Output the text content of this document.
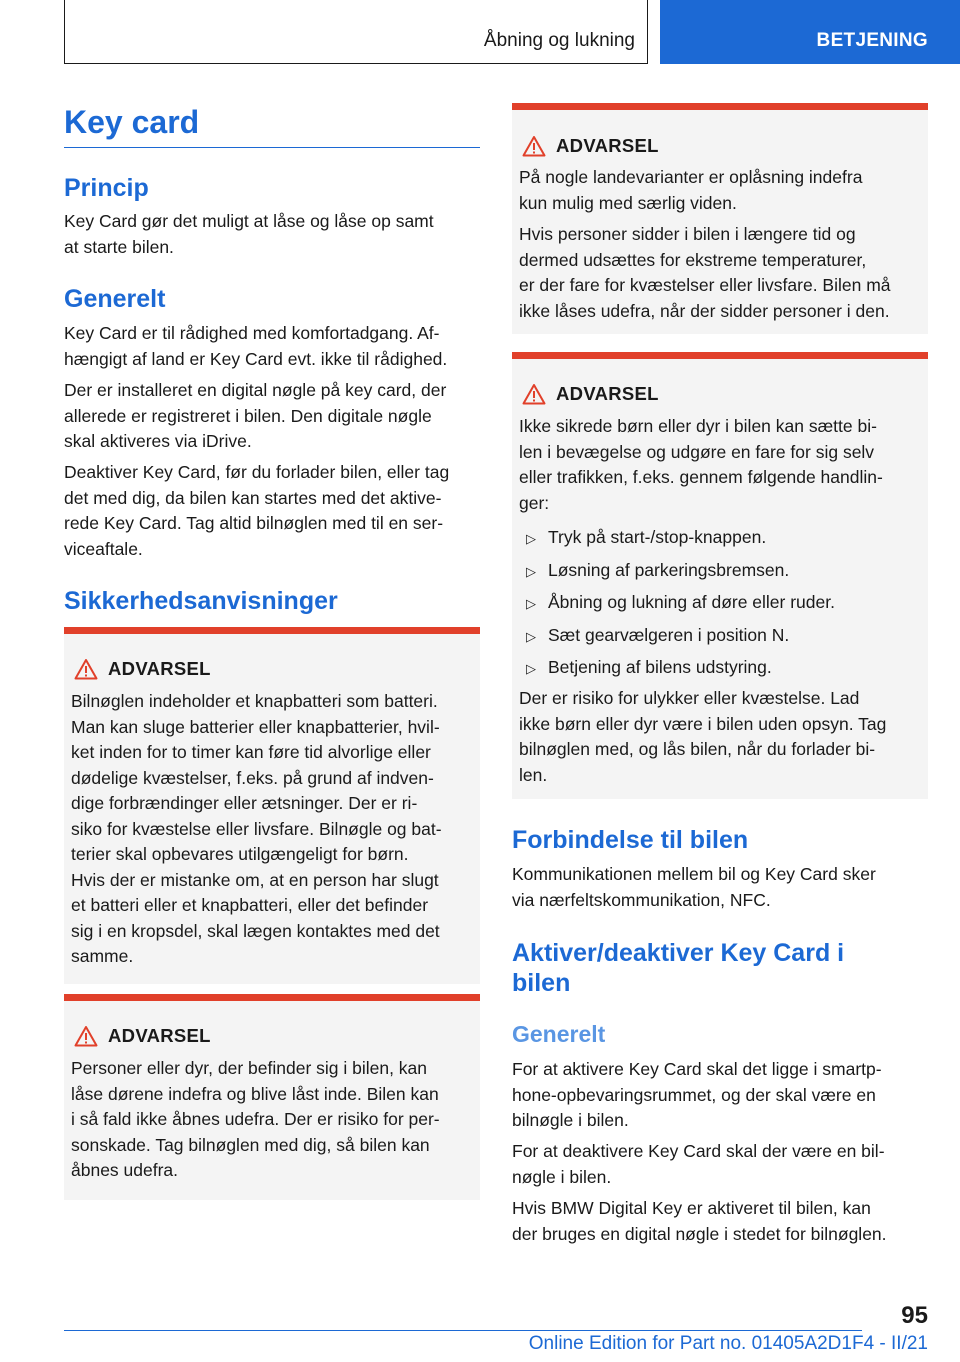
Åbning og lukning	BETJENING
Key card
Princip

Key Card gør det muligt at låse og låse op samt
at starte bilen.

Generelt

Key Card er til rådighed med komfortadgang. Af-
hængigt af land er Key Card evt. ikke til rådighed.

Der er installeret en digital nøgle på key card, der
allerede er registreret i bilen. Den digitale nøgle
skal aktiveres via iDrive.

Deaktiver Key Card, før du forlader bilen, eller tag
det med dig, da bilen kan startes med det aktive-
rede Key Card. Tag altid bilnøglen med til en ser-
viceaftale.

Sikkerhedsanvisninger
ADVARSEL

Bilnøglen indeholder et knapbatteri som batteri.
Man kan sluge batterier eller knapbatterier, hvil-
ket inden for to timer kan føre tid alvorlige eller
dødelige kvæstelser, f.eks. på grund af indven-
dige forbrændinger eller ætsninger. Der er ri-
siko for kvæstelse eller livsfare. Bilnøgle og bat-
terier skal opbevares utilgængeligt for børn.
Hvis der er mistanke om, at en person har slugt
et batteri eller et knapbatteri, eller det befinder
sig i en kropsdel, skal lægen kontaktes med det
samme.

ADVARSEL

Personer eller dyr, der befinder sig i bilen, kan
låse dørene indefra og blive låst inde. Bilen kan
i så fald ikke åbnes udefra. Der er risiko for per-
sonskade. Tag bilnøglen med dig, så bilen kan
åbnes udefra.

ADVARSEL

På nogle landevarianter er oplåsning indefra
kun mulig med særlig viden.

Hvis personer sidder i bilen i længere tid og
dermed udsættes for ekstreme temperaturer,
er der fare for kvæstelser eller livsfare. Bilen må
ikke låses udefra, når der sidder personer i den.

ADVARSEL

Ikke sikrede børn eller dyr i bilen kan sætte bi-
len i bevægelse og udgøre en fare for sig selv
eller trafikken, f.eks. gennem følgende handlin-
ger:

▷ Tryk på start-/stop-knappen.
▷ Løsning af parkeringsbremsen.
▷ Åbning og lukning af døre eller ruder.
▷ Sæt gearvælgeren i position N.
▷ Betjening af bilens udstyring.

Der er risiko for ulykker eller kvæstelse. Lad
ikke børn eller dyr være i bilen uden opsyn. Tag
bilnøglen med, og lås bilen, når du forlader bi-
len.

Forbindelse til bilen

Kommunikationen mellem bil og Key Card sker
via nærfeltskommunikation, NFC.

Aktiver/deaktiver Key Card i
bilen
Generelt

For at aktivere Key Card skal det ligge i smartp-
hone-opbevaringsrummet, og der skal være en
bilnøgle i bilen.

For at deaktivere Key Card skal der være en bil-
nøgle i bilen.

Hvis BMW Digital Key er aktiveret til bilen, kan
der bruges en digital nøgle i stedet for bilnøglen.

95
Online Edition for Part no. 01405A2D1F4 - II/21
